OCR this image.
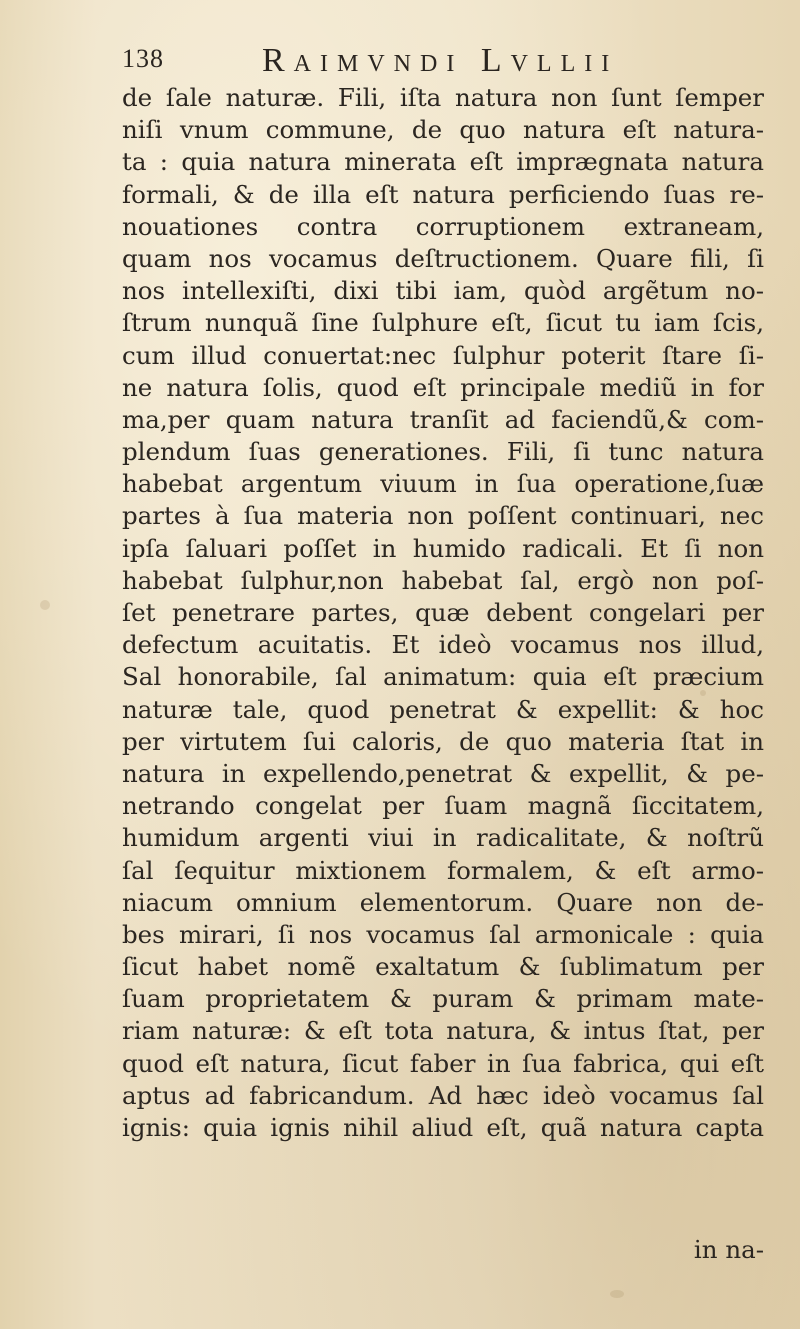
138	Raimvndi Lvllii
de ſale naturæ. Fili, iſta natura non ſunt ſemper
niſi vnum commune, de quo natura eſt natura-
ta : quia natura minerata eſt imprægnata natura
formali, & de illa eſt natura perficiendo ſuas re-
nouationes contra corruptionem extraneam,
quam nos vocamus deſtructionem. Quare fili, ſi
nos intellexiſti, dixi tibi iam, quòd argẽtum no-
ſtrum nunquã ſine ſulphure eſt, ſicut tu iam ſcis,
cum illud conuertat:nec ſulphur poterit ſtare ſi-
ne natura ſolis, quod eſt principale mediũ in for
ma,per quam natura tranſit ad faciendũ,& com-
plendum ſuas generationes. Fili, ſi tunc natura
habebat argentum viuum in ſua operatione,ſuæ
partes à ſua materia non poſſent continuari, nec
ipſa ſaluari poſſet in humido radicali. Et ſi non
habebat ſulphur,non habebat ſal, ergò non poſ-
ſet penetrare partes, quæ debent congelari per
defectum acuitatis. Et ideò vocamus nos illud,
Sal honorabile, ſal animatum: quia eſt præcium
naturæ tale, quod penetrat & expellit: & hoc
per virtutem ſui caloris, de quo materia ſtat in
natura in expellendo,penetrat & expellit, & pe-
netrando congelat per ſuam magnã ſiccitatem,
humidum argenti viui in radicalitate, & noſtrũ
ſal ſequitur mixtionem formalem, & eſt armo-
niacum omnium elementorum. Quare non de-
bes mirari, ſi nos vocamus ſal armonicale : quia
ſicut habet nomẽ exaltatum & ſublimatum per
ſuam proprietatem & puram & primam mate-
riam naturæ: & eſt tota natura, & intus ſtat, per
quod eſt natura, ſicut faber in ſua fabrica, qui eſt
aptus ad fabricandum. Ad hæc ideò vocamus ſal
ignis: quia ignis nihil aliud eſt, quã natura capta
in na-
